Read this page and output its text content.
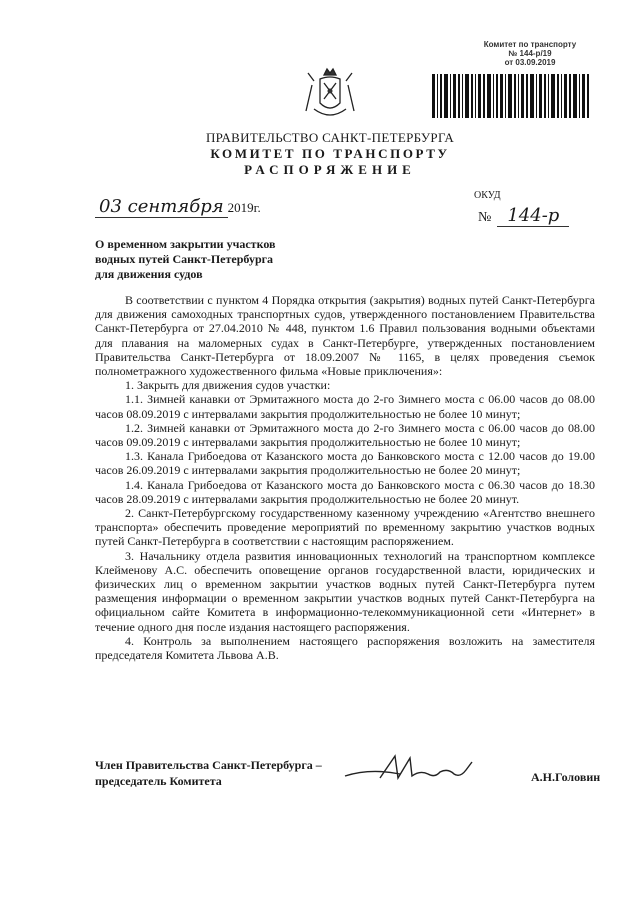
Комитет по транспорту
№ 144-р/19
от 03.09.2019
ПРАВИТЕЛЬСТВО САНКТ-ПЕТЕРБУРГА
КОМИТЕТ ПО ТРАНСПОРТУ
РАСПОРЯЖЕНИЕ
03 сентября 2019г.
ОКУД
№ 144-р
О временном закрытии участков
водных путей Санкт-Петербурга
для движения судов

В соответствии с пунктом 4 Порядка открытия (закрытия) водных путей Санкт-Петербурга для движения самоходных транспортных судов, утвержденного постановлением Правительства Санкт-Петербурга от 27.04.2010 № 448, пунктом 1.6 Правил пользования водными объектами для плавания на маломерных судах в Санкт-Петербурге, утвержденных постановлением Правительства Санкт-Петербурга от 18.09.2007 № 1165, в целях проведения съемок полнометражного художественного фильма «Новые приключения»:

1. Закрыть для движения судов участки:

1.1. Зимней канавки от Эрмитажного моста до 2-го Зимнего моста с 06.00 часов до 08.00 часов 08.09.2019 с интервалами закрытия продолжительностью не более 10 минут;

1.2. Зимней канавки от Эрмитажного моста до 2-го Зимнего моста с 06.00 часов до 08.00 часов 09.09.2019 с интервалами закрытия продолжительностью не более 10 минут;

1.3. Канала Грибоедова от Казанского моста до Банковского моста с 12.00 часов до 19.00 часов 26.09.2019 с интервалами закрытия продолжительностью не более 20 минут;

1.4. Канала Грибоедова от Казанского моста до Банковского моста с 06.30 часов до 18.30 часов 28.09.2019 с интервалами закрытия продолжительностью не более 20 минут.

2. Санкт-Петербургскому государственному казенному учреждению «Агентство внешнего транспорта» обеспечить проведение мероприятий по временному закрытию участков водных путей Санкт-Петербурга в соответствии с настоящим распоряжением.

3. Начальнику отдела развития инновационных технологий на транспортном комплексе Клейменову А.С. обеспечить оповещение органов государственной власти, юридических и физических лиц о временном закрытии участков водных путей Санкт-Петербурга путем размещения информации о временном закрытии участков водных путей Санкт-Петербурга на официальном сайте Комитета в информационно-телекоммуникационной сети «Интернет» в течение одного дня после издания настоящего распоряжения.

4. Контроль за выполнением настоящего распоряжения возложить на заместителя председателя Комитета Львова А.В.

Член Правительства Санкт-Петербурга –
председатель Комитета	А.Н.Головин
